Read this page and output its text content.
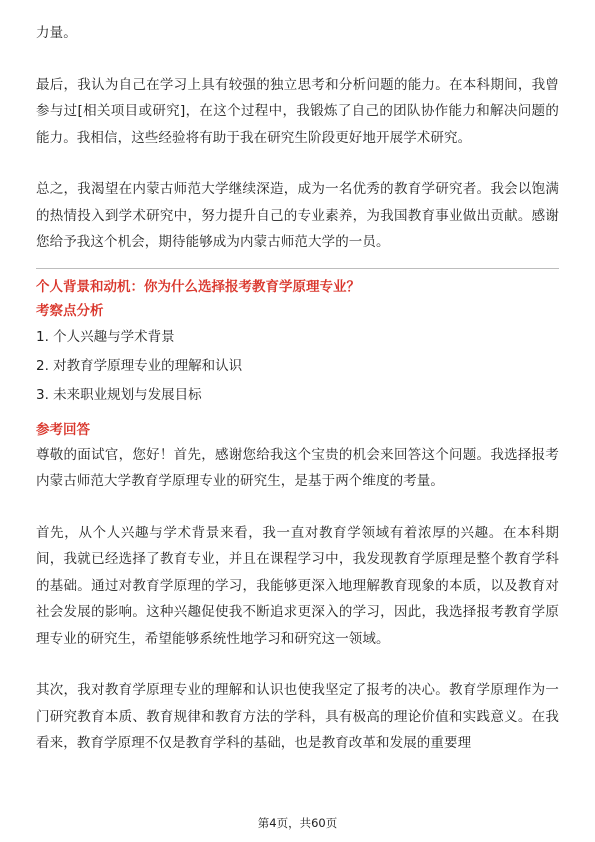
力量。

最后，我认为自己在学习上具有较强的独立思考和分析问题的能力。在本科期间，我曾参与过[相关项目或研究]，在这个过程中，我锻炼了自己的团队协作能力和解决问题的能力。我相信，这些经验将有助于我在研究生阶段更好地开展学术研究。

总之，我渴望在内蒙古师范大学继续深造，成为一名优秀的教育学研究者。我会以饱满的热情投入到学术研究中，努力提升自己的专业素养，为我国教育事业做出贡献。感谢您给予我这个机会，期待能够成为内蒙古师范大学的一员。

个人背景和动机：你为什么选择报考教育学原理专业？

考察点分析

1. 个人兴趣与学术背景
2. 对教育学原理专业的理解和认识
3. 未来职业规划与发展目标

参考回答

尊敬的面试官，您好！首先，感谢您给我这个宝贵的机会来回答这个问题。我选择报考内蒙古师范大学教育学原理专业的研究生，是基于两个维度的考量。

首先，从个人兴趣与学术背景来看，我一直对教育学领域有着浓厚的兴趣。在本科期间，我就已经选择了教育专业，并且在课程学习中，我发现教育学原理是整个教育学科的基础。通过对教育学原理的学习，我能够更深入地理解教育现象的本质，以及教育对社会发展的影响。这种兴趣促使我不断追求更深入的学习，因此，我选择报考教育学原理专业的研究生，希望能够系统性地学习和研究这一领域。

其次，我对教育学原理专业的理解和认识也使我坚定了报考的决心。教育学原理作为一门研究教育本质、教育规律和教育方法的学科，具有极高的理论价值和实践意义。在我看来，教育学原理不仅是教育学科的基础，也是教育改革和发展的重要理

第4页，共60页
